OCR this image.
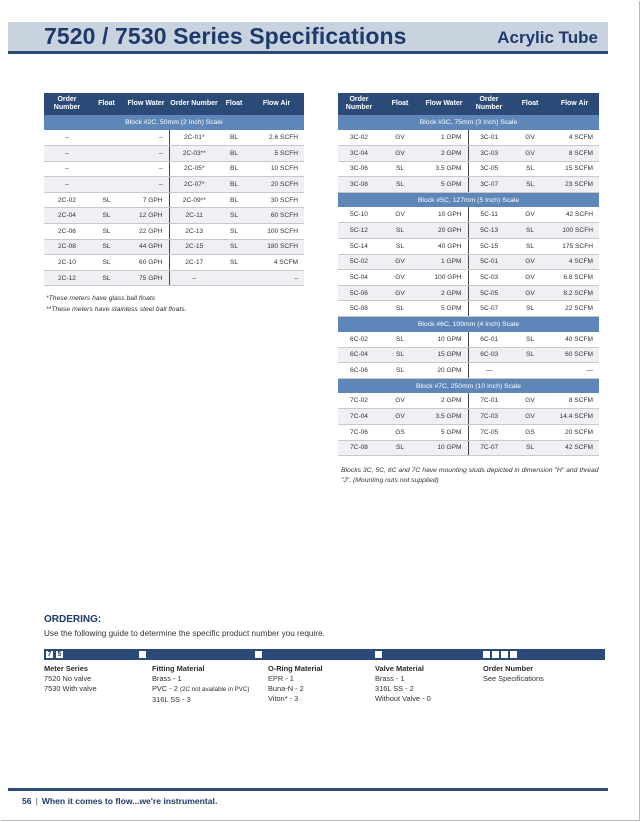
7520 / 7530 Series Specifications	Acrylic Tube
Order Number	Float	Flow Water	Order Number	Float	Flow Air
Block #2C, 50mm (2 Inch) Scale					
–		–	2C-01*	BL	2.6 SCFH
–		–	2C-03**	BL	5 SCFH
–		–	2C-05*	BL	10 SCFH
–		–	2C-07*	BL	20 SCFH
2C-02	SL	7 GPH	2C-09**	BL	30 SCFH
2C-04	SL	12 GPH	2C-11	SL	60 SCFH
2C-06	SL	22 GPH	2C-13	SL	100 SCFH
2C-08	SL	44 GPH	2C-15	SL	180 SCFH
2C-10	SL	60 GPH	2C-17	SL	4 SCFM
2C-12	SL	75 GPH	–		–
*These meters have glass ball floats
**These meters have stainless steel ball floats.
Order Number	Float	Flow Water	Order Number	Float	Flow Air
Block #3C, 75mm (3 Inch) Scale					
3C-02	GV	1 GPM	3C-01	GV	4 SCFM
3C-04	GV	2 GPM	3C-03	GV	8 SCFM
3C-06	SL	3.5 GPM	3C-05	SL	15 SCFM
3C-08	SL	5 GPM	3C-07	SL	23 SCFM
Block #5C, 127mm (5 Inch) Scale					
5C-10	GV	10 GPH	5C-11	GV	42 SCFH
5C-12	SL	20 GPH	5C-13	SL	100 SCFH
5C-14	SL	40 GPH	5C-15	SL	175 SCFH
5C-02	GV	1 GPM	5C-01	GV	4 SCFM
5C-04	GV	100 GPH	5C-03	GV	6.8 SCFM
5C-06	GV	2 GPM	5C-05	GV	8.2 SCFM
5C-08	SL	5 GPM	5C-07	SL	22 SCFM
Block #6C, 100mm (4 Inch) Scale					
6C-02	SL	10 GPM	6C-01	SL	40 SCFM
6C-04	SL	15 GPM	6C-03	SL	60 SCFM
6C-06	SL	20 GPM	—		—
Block #7C, 250mm (10 Inch) Scale					
7C-02	GV	2 GPM	7C-01	GV	8 SCFM
7C-04	GV	3.5 GPM	7C-03	GV	14.4 SCFM
7C-06	GS	5 GPM	7C-05	GS	20 SCFM
7C-08	SL	10 GPM	7C-07	SL	42 SCFM
Blocks 3C, 5C, 6C and 7C have mounting studs depicted in dimension "H" and thread "J". (Mounting nuts not supplied)
ORDERING:
Use the following guide to determine the specific product number you require.
7 5
Meter Series
7520 No valve
7530 With valve
Fitting Material
Brass - 1
PVC - 2 (2C not available in PVC)
316L SS - 3
O-Ring Material
EPR - 1
Buna-N - 2
Viton* - 3
Valve Material
Brass - 1
316L SS - 2
Without Valve - 0
Order Number
See Specifications
56 | When it comes to flow...we're instrumental.
